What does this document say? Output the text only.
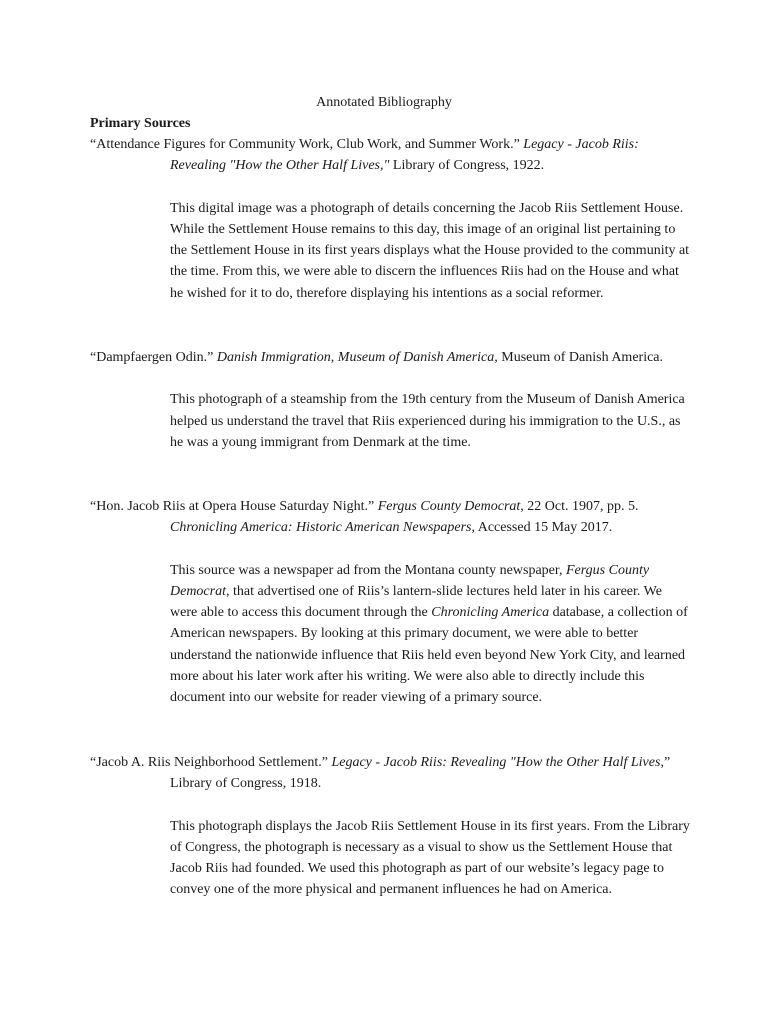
Annotated Bibliography
Primary Sources

“Attendance Figures for Community Work, Club Work, and Summer Work.” Legacy - Jacob Riis: Revealing "How the Other Half Lives," Library of Congress, 1922.

This digital image was a photograph of details concerning the Jacob Riis Settlement House. While the Settlement House remains to this day, this image of an original list pertaining to the Settlement House in its first years displays what the House provided to the community at the time. From this, we were able to discern the influences Riis had on the House and what he wished for it to do, therefore displaying his intentions as a social reformer.

“Dampfaergen Odin.” Danish Immigration, Museum of Danish America, Museum of Danish America.

This photograph of a steamship from the 19th century from the Museum of Danish America helped us understand the travel that Riis experienced during his immigration to the U.S., as he was a young immigrant from Denmark at the time.

“Hon. Jacob Riis at Opera House Saturday Night.” Fergus County Democrat, 22 Oct. 1907, pp. 5. Chronicling America: Historic American Newspapers, Accessed 15 May 2017.

This source was a newspaper ad from the Montana county newspaper, Fergus County Democrat, that advertised one of Riis’s lantern-slide lectures held later in his career. We were able to access this document through the Chronicling America database, a collection of American newspapers. By looking at this primary document, we were able to better understand the nationwide influence that Riis held even beyond New York City, and learned more about his later work after his writing. We were also able to directly include this document into our website for reader viewing of a primary source.

“Jacob A. Riis Neighborhood Settlement.” Legacy - Jacob Riis: Revealing "How the Other Half Lives,” Library of Congress, 1918.

This photograph displays the Jacob Riis Settlement House in its first years. From the Library of Congress, the photograph is necessary as a visual to show us the Settlement House that Jacob Riis had founded. We used this photograph as part of our website’s legacy page to convey one of the more physical and permanent influences he had on America.
